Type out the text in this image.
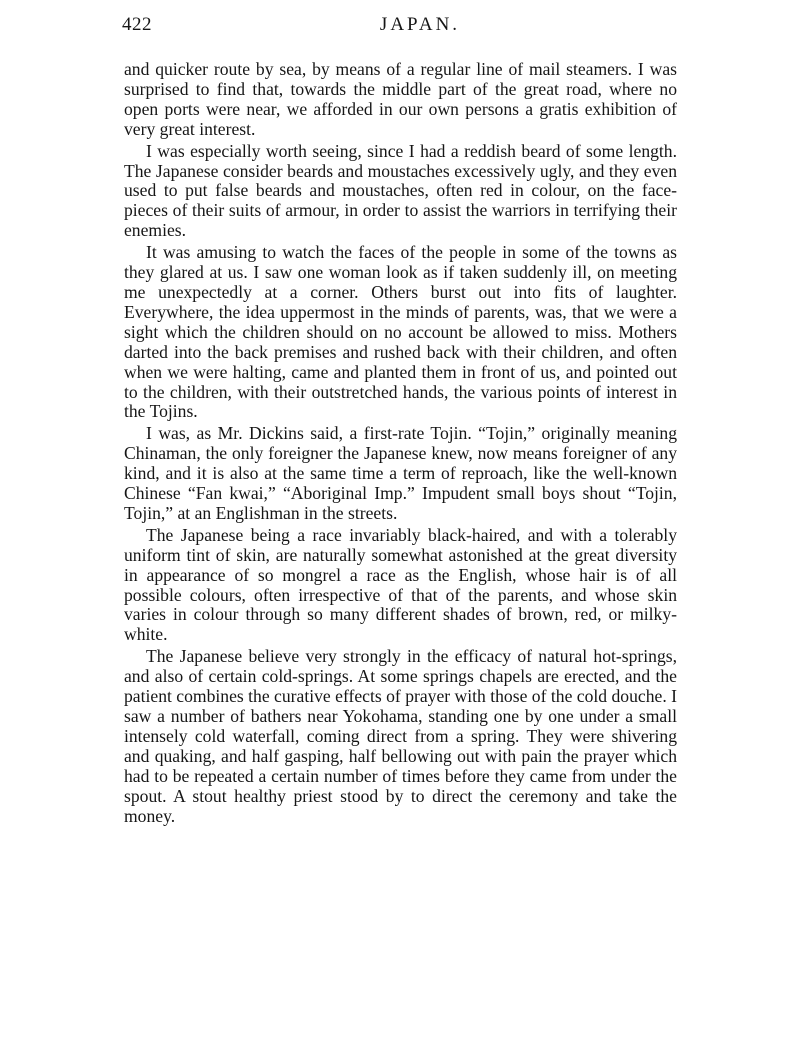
422	JAPAN.

and quicker route by sea, by means of a regular line of mail steamers. I was surprised to find that, towards the middle part of the great road, where no open ports were near, we afforded in our own persons a gratis exhibition of very great interest.

I was especially worth seeing, since I had a reddish beard of some length. The Japanese consider beards and moustaches excessively ugly, and they even used to put false beards and moustaches, often red in colour, on the face-pieces of their suits of armour, in order to assist the warriors in terrifying their enemies.

It was amusing to watch the faces of the people in some of the towns as they glared at us. I saw one woman look as if taken suddenly ill, on meeting me unexpectedly at a corner. Others burst out into fits of laughter. Everywhere, the idea uppermost in the minds of parents, was, that we were a sight which the children should on no account be allowed to miss. Mothers darted into the back premises and rushed back with their children, and often when we were halting, came and planted them in front of us, and pointed out to the children, with their outstretched hands, the various points of interest in the Tojins.

I was, as Mr. Dickins said, a first-rate Tojin. “Tojin,” originally meaning Chinaman, the only foreigner the Japanese knew, now means foreigner of any kind, and it is also at the same time a term of reproach, like the well-known Chinese “Fan kwai,” “Aboriginal Imp.” Impudent small boys shout “Tojin, Tojin,” at an Englishman in the streets.

The Japanese being a race invariably black-haired, and with a tolerably uniform tint of skin, are naturally somewhat astonished at the great diversity in appearance of so mongrel a race as the English, whose hair is of all possible colours, often irrespective of that of the parents, and whose skin varies in colour through so many different shades of brown, red, or milky-white.

The Japanese believe very strongly in the efficacy of natural hot-springs, and also of certain cold-springs. At some springs chapels are erected, and the patient combines the curative effects of prayer with those of the cold douche. I saw a number of bathers near Yokohama, standing one by one under a small intensely cold waterfall, coming direct from a spring. They were shivering and quaking, and half gasping, half bellowing out with pain the prayer which had to be repeated a certain number of times before they came from under the spout. A stout healthy priest stood by to direct the ceremony and take the money.
